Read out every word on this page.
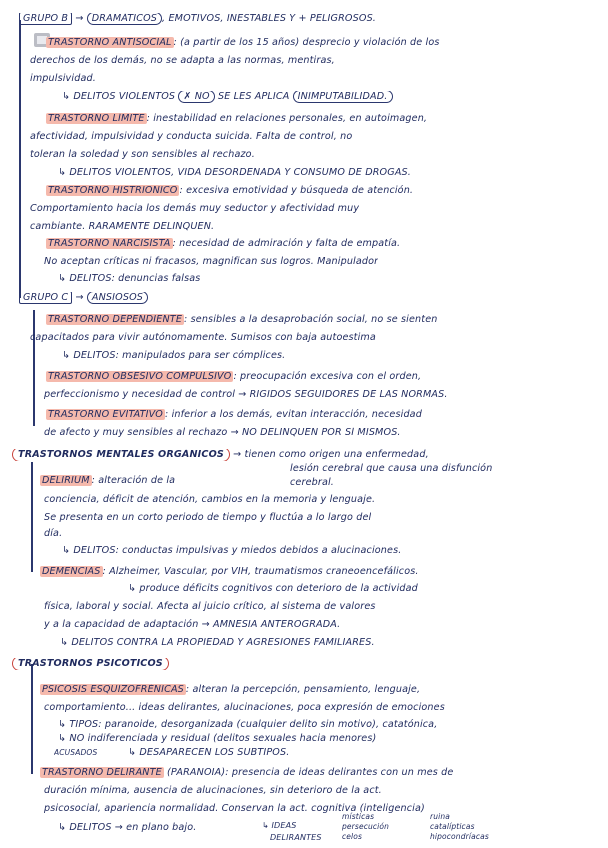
GRUPO B → DRAMÁTICOS , EMOTIVOS, INESTABLES Y + PELIGROSOS.
TRASTORNO ANTISOCIAL : (a partir de los 15 años) desprecio y violación de los
derechos de los demás, no se adapta a las normas, mentiras,
impulsividad.
↳ DELITOS VIOLENTOS ✗ NO SE LES APLICA INIMPUTABILIDAD.
TRASTORNO LÍMITE : inestabilidad en relaciones personales, en autoimagen,
afectividad, impulsividad y conducta suicida. Falta de control, no
toleran la soledad y son sensibles al rechazo.
↳ DELITOS VIOLENTOS, VIDA DESORDENADA Y CONSUMO DE DROGAS.
TRASTORNO HISTRIÓNICO : excesiva emotividad y búsqueda de atención.
Comportamiento hacia los demás muy seductor y afectividad muy
cambiante. RARAMENTE DELINQUEN.
TRASTORNO NARCISISTA : necesidad de admiración y falta de empatía.
No aceptan críticas ni fracasos, magnifican sus logros. Manipulador
↳ DELITOS: denuncias falsas
GRUPO C → ANSIOSOS
TRASTORNO DEPENDIENTE : sensibles a la desaprobación social, no se sienten
capacitados para vivir autónomamente. Sumisos con baja autoestima
↳ DELITOS: manipulados para ser cómplices.
TRASTORNO OBSESIVO COMPULSIVO : preocupación excesiva con el orden,
perfeccionismo y necesidad de control → RIGIDOS SEGUIDORES DE LAS NORMAS.
TRASTORNO EVITATIVO : inferior a los demás, evitan interacción, necesidad
de afecto y muy sensibles al rechazo → NO DELINQUEN POR SÍ MISMOS.
TRASTORNOS MENTALES ORGÁNICOS → tienen como origen una enfermedad,
lesión cerebral que causa una disfunción
cerebral.
DELIRIUM : alteración de la
conciencia, déficit de atención, cambios en la memoria y lenguaje.
Se presenta en un corto periodo de tiempo y fluctúa a lo largo del
día.
↳ DELITOS: conductas impulsivas y miedos debidos a alucinaciones.
DEMENCIAS : Alzheimer, Vascular, por VIH, traumatismos craneoencefálicos.
↳ produce déficits cognitivos con deterioro de la actividad
física, laboral y social. Afecta al juicio crítico, al sistema de valores
y a la capacidad de adaptación → AMNESIA ANTERÓGRADA.
↳ DELITOS CONTRA LA PROPIEDAD Y AGRESIONES FAMILIARES.
TRASTORNOS PSICÓTICOS
PSICOSIS ESQUIZOFRÉNICAS : alteran la percepción, pensamiento, lenguaje,
comportamiento... ideas delirantes, alucinaciones, poca expresión de emociones
↳ TIPOS: paranoide, desorganizada (cualquier delito sin motivo), catatónica,
↳ NO indiferenciada y residual (delitos sexuales hacia menores)
ACUSADOS	↳ DESAPARECEN LOS SUBTIPOS.
TRASTORNO DELIRANTE (PARANOIA): presencia de ideas delirantes con un mes de
duración mínima, ausencia de alucinaciones, sin deterioro de la act.
psicosocial, apariencia normalidad. Conservan la act. cognitiva (inteligencia)
↳ DELITOS → en plano bajo.	↳ IDEAS
DELIRANTES
místicas
persecución
celos
ruina
catalípticas
hipocondríacas
